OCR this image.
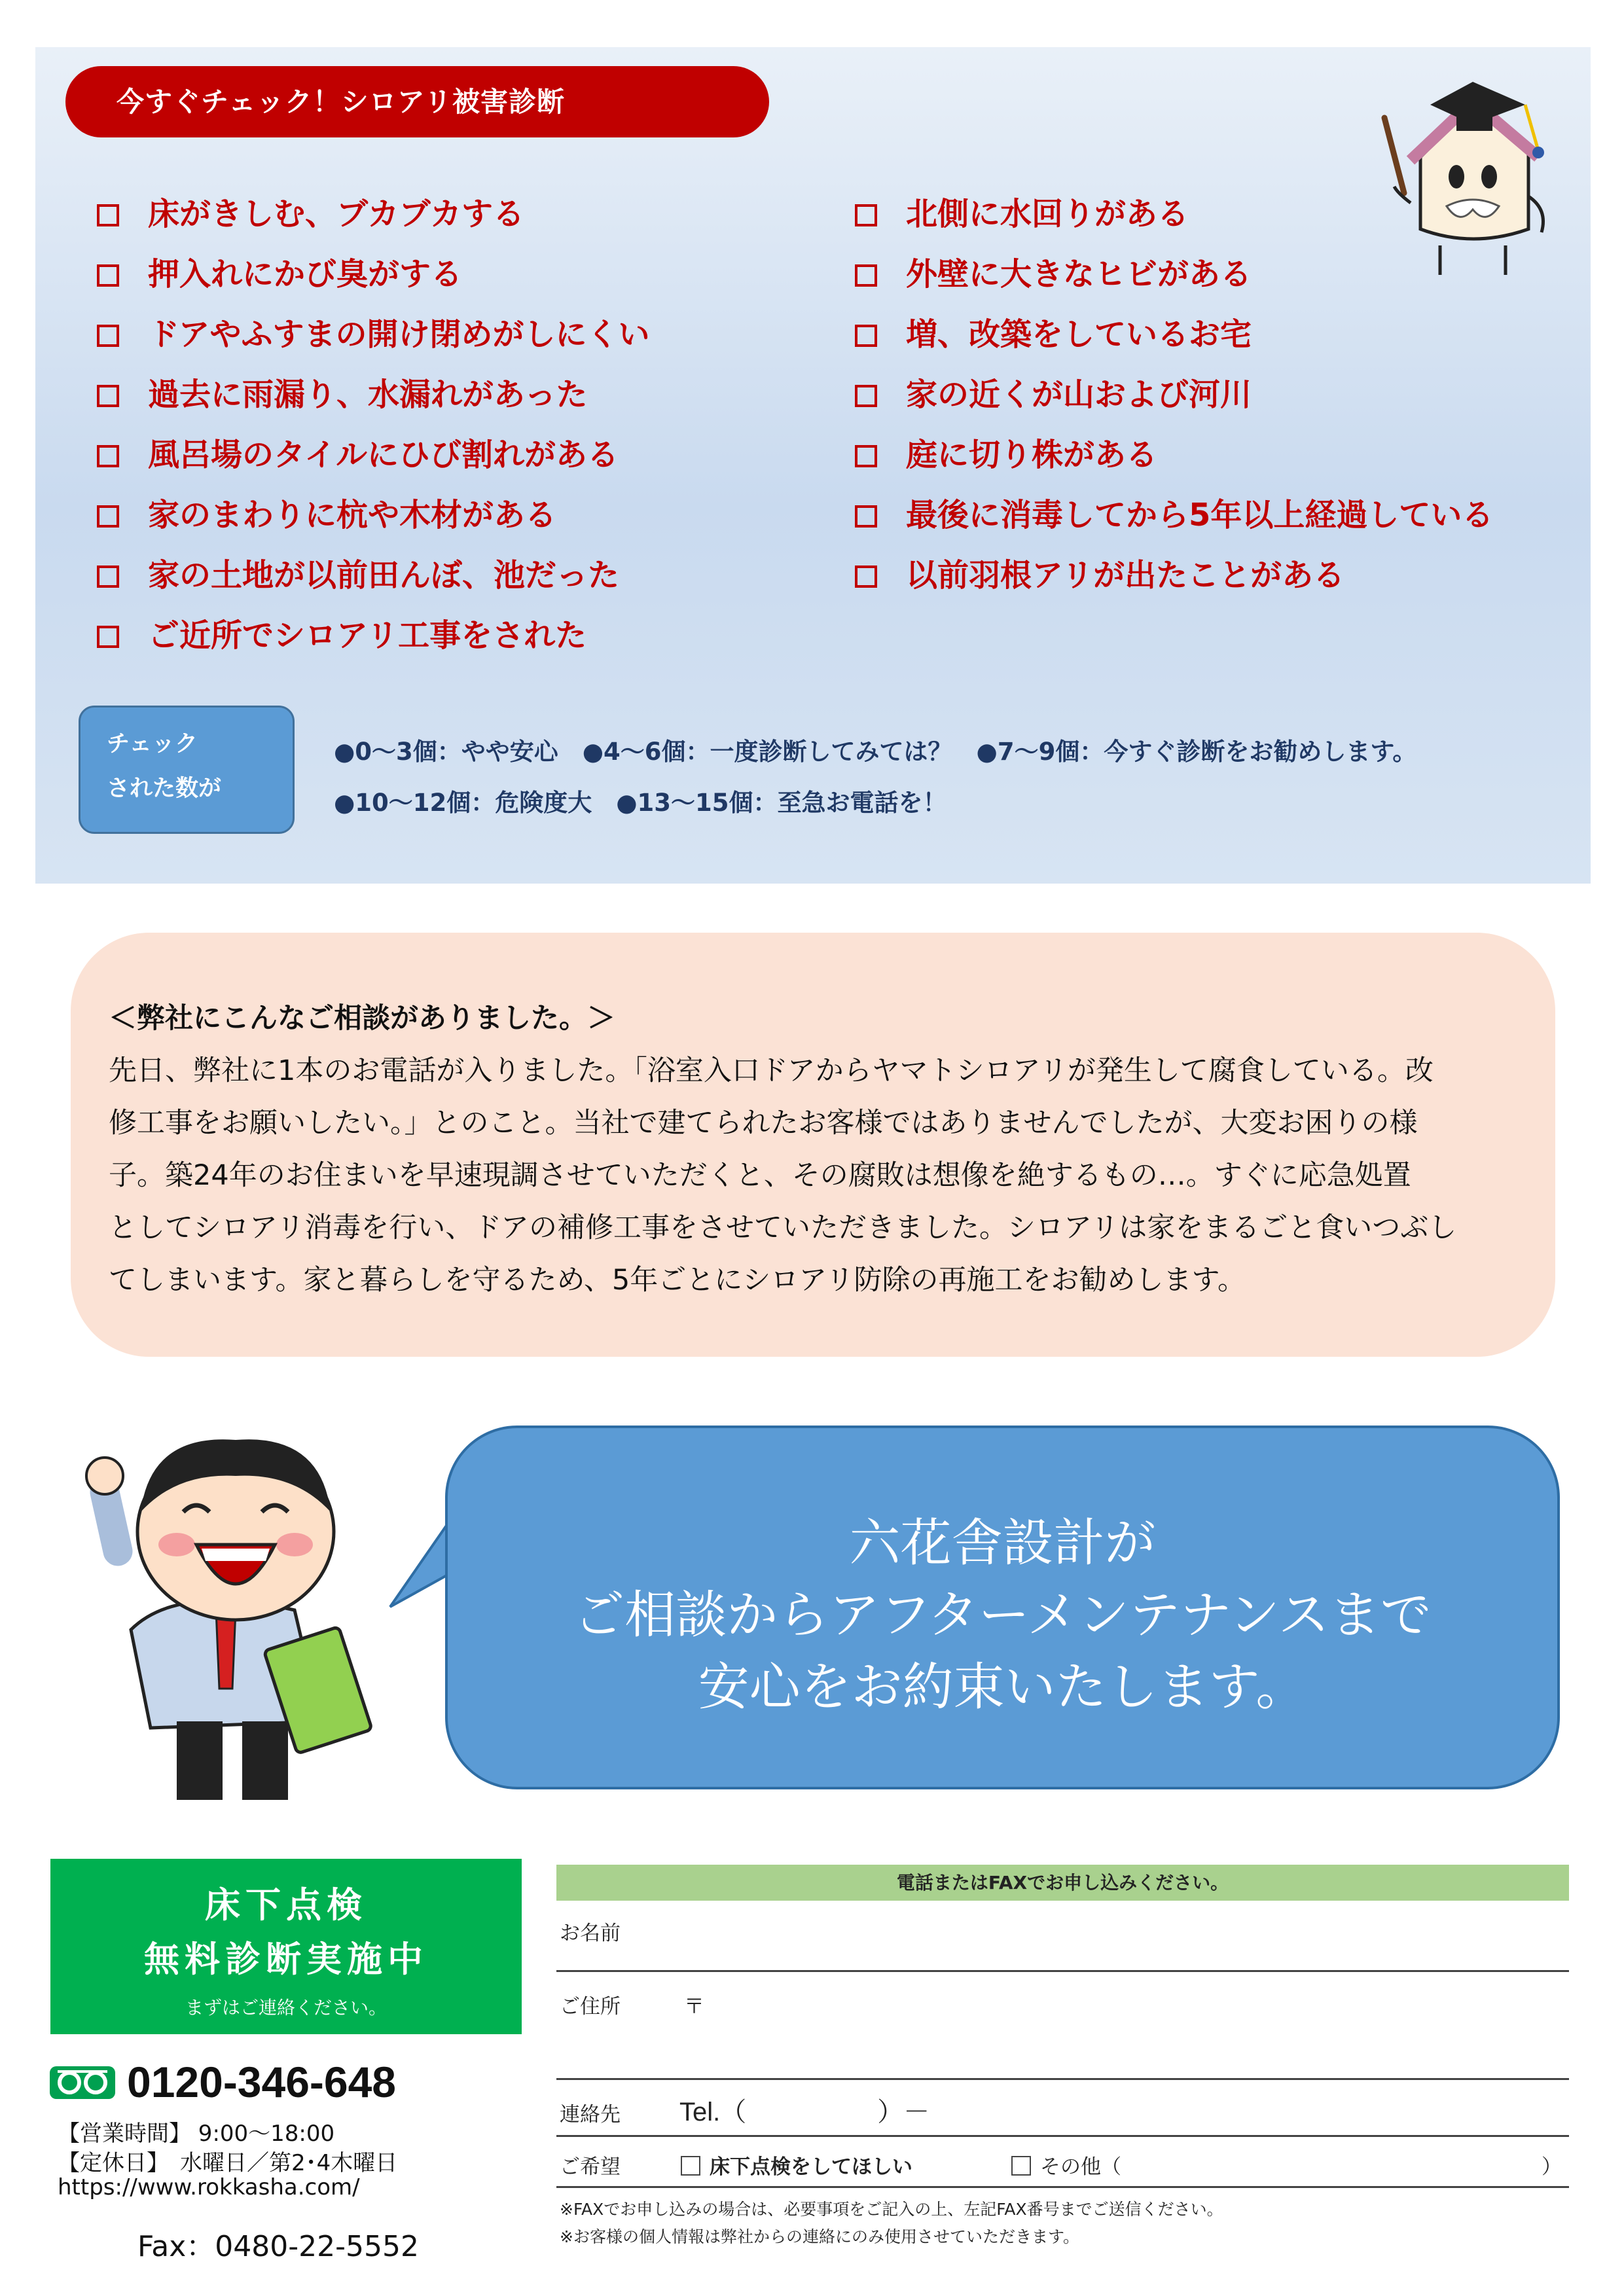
今すぐチェック！シロアリ被害診断
床がきしむ、ブカブカする
押入れにかび臭がする
ドアやふすまの開け閉めがしにくい
過去に雨漏り、水漏れがあった
風呂場のタイルにひび割れがある
家のまわりに杭や木材がある
家の土地が以前田んぼ、池だった
ご近所でシロアリ工事をされた
北側に水回りがある
外壁に大きなヒビがある
増、改築をしているお宅
家の近くが山および河川
庭に切り株がある
最後に消毒してから5年以上経過している
以前羽根アリが出たことがある
チェック
された数が
●0～3個：やや安心　●4～6個：一度診断してみては？　●7～9個：今すぐ診断をお勧めします。
●10～12個：危険度大　●13～15個：至急お電話を！
＜弊社にこんなご相談がありました。＞
先日、弊社に1本のお電話が入りました。「浴室入口ドアからヤマトシロアリが発生して腐食している。改
修工事をお願いしたい。」とのこと。当社で建てられたお客様ではありませんでしたが、大変お困りの様
子。築24年のお住まいを早速現調させていただくと、その腐敗は想像を絶するもの…。すぐに応急処置
としてシロアリ消毒を行い、ドアの補修工事をさせていただきました。シロアリは家をまるごと食いつぶし
てしまいます。家と暮らしを守るため、5年ごとにシロアリ防除の再施工をお勧めします。
六花舎設計が
ご相談からアフターメンテナンスまで
安心をお約束いたします。
床下点検
無料診断実施中
まずはご連絡ください。
0120-346-648
【営業時間】 9:00～18:00
【定休日】　水曜日／第2･4木曜日
https://www.rokkasha.com/
Fax：0480-22-5552
電話またはFAXでお申し込みください。
お名前
ご住所	〒
連絡先 Tel.（　　　　　）－
ご希望	床下点検をしてほしい	その他（	）
※FAXでお申し込みの場合は、必要事項をご記入の上、左記FAX番号までご送信ください。
※お客様の個人情報は弊社からの連絡にのみ使用させていただきます。
